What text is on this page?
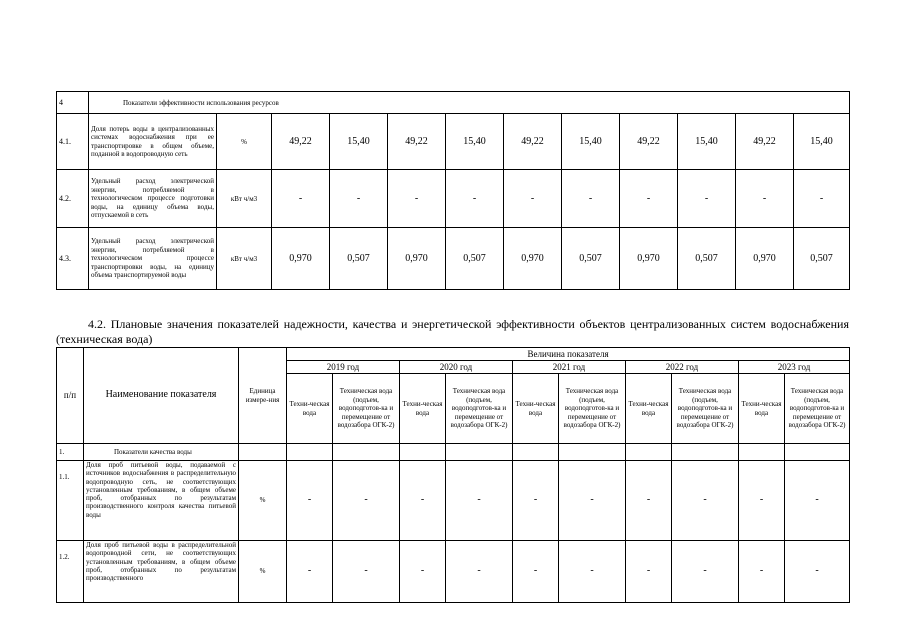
4	Показатели эффективности использования ресурсов											
4.1.	Доля потерь воды в централизованных системах водоснабжения при ее транспортировке в общем объеме, поданной в водопроводную сеть	%	49,22	15,40	49,22	15,40	49,22	15,40	49,22	15,40	49,22	15,40
4.2.	Удельный расход электрической энергии, потребляемой в технологическом процессе подготовки воды, на единицу объема воды, отпускаемой в сеть	кВт ч/м3	-	-	-	-	-	-	-	-	-	-
4.3.	Удельный расход электрической энергии, потребляемой в технологическом процессе транспортировки воды, на единицу объема транспортируемой воды	кВт ч/м3	0,970	0,507	0,970	0,507	0,970	0,507	0,970	0,507	0,970	0,507
4.2. Плановые значения показателей надежности, качества и энергетической эффективности объектов централизованных систем водоснабжения (техническая вода)
п/п	Наименование показателя	Единица измере-ния	Величина показателя									
			2019 год		2020 год		2021 год		2022 год		2023 год	
			Техни-ческая вода	Техническая вода (подъем, водоподготов-ка и перемещение от водозабора ОГК-2)	Техни-ческая вода	Техническая вода (подъем, водоподготов-ка и перемещение от водозабора ОГК-2)	Техни-ческая вода	Техническая вода (подъем, водоподготов-ка и перемещение от водозабора ОГК-2)	Техни-ческая вода	Техническая вода (подъем, водоподготов-ка и перемещение от водозабора ОГК-2)	Техни-ческая вода	Техническая вода (подъем, водоподготов-ка и перемещение от водозабора ОГК-2)
1.	Показатели качества воды											
1.1.	Доля проб питьевой воды, подаваемой с источников водоснабжения в распределительную водопроводную сеть, не соответствующих установленным требованиям, в общем объеме проб, отобранных по результатам производственного контроля качества питьевой воды	%	-	-	-	-	-	-	-	-	-	-
1.2.	Доля проб питьевой воды в распределительной водопроводной сети, не соответствующих установленным требованиям, в общем объеме проб, отобранных по результатам производственного	%	-	-	-	-	-	-	-	-	-	-
